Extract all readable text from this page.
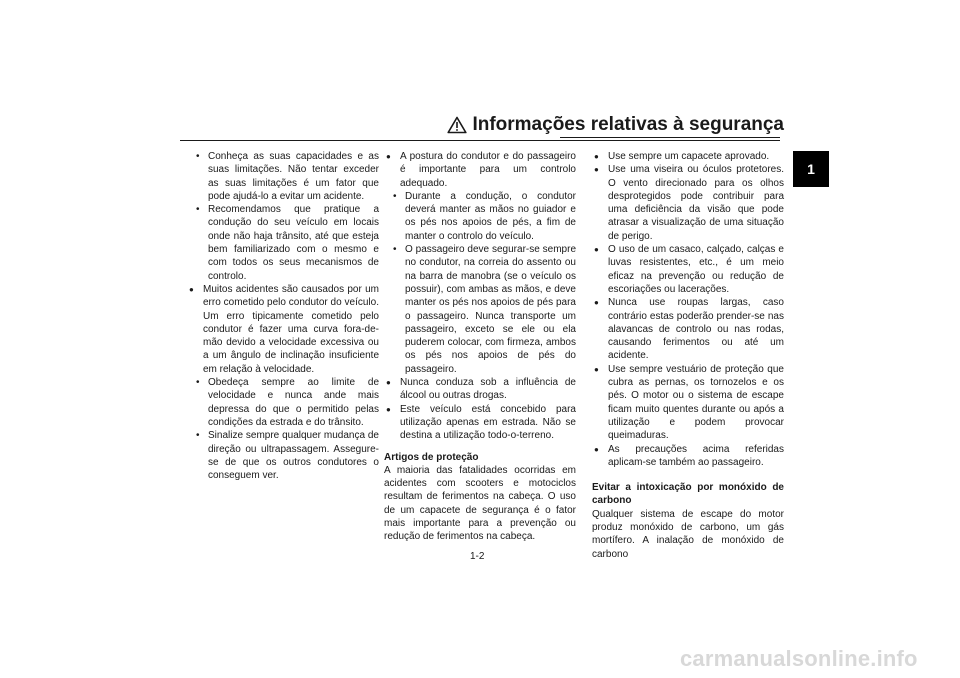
Informações relativas à segurança
1

• Conheça as suas capacidades e as suas limitações. Não tentar exceder as suas limitações é um fator que pode ajudá-lo a evitar um acidente.

• Recomendamos que pratique a condução do seu veículo em locais onde não haja trânsito, até que esteja bem familiarizado com o mesmo e com todos os seus mecanismos de controlo.

● Muitos acidentes são causados por um erro cometido pelo condutor do veículo. Um erro tipicamente cometido pelo condutor é fazer uma curva fora-de-mão devido a velocidade excessiva ou a um ângulo de inclinação insuficiente em relação à velocidade.

• Obedeça sempre ao limite de velocidade e nunca ande mais depressa do que o permitido pelas condições da estrada e do trânsito.

• Sinalize sempre qualquer mudança de direção ou ultrapassagem. Assegure-se de que os outros condutores o conseguem ver.

● A postura do condutor e do passageiro é importante para um controlo adequado.

• Durante a condução, o condutor deverá manter as mãos no guiador e os pés nos apoios de pés, a fim de manter o controlo do veículo.

• O passageiro deve segurar-se sempre no condutor, na correia do assento ou na barra de manobra (se o veículo os possuir), com ambas as mãos, e deve manter os pés nos apoios de pés para o passageiro. Nunca transporte um passageiro, exceto se ele ou ela puderem colocar, com firmeza, ambos os pés nos apoios de pés do passageiro.

● Nunca conduza sob a influência de álcool ou outras drogas.

● Este veículo está concebido para utilização apenas em estrada. Não se destina a utilização todo-o-terreno.

Artigos de proteção

A maioria das fatalidades ocorridas em acidentes com scooters e motociclos resultam de ferimentos na cabeça. O uso de um capacete de segurança é o fator mais importante para a prevenção ou redução de ferimentos na cabeça.

● Use sempre um capacete aprovado.

● Use uma viseira ou óculos protetores. O vento direcionado para os olhos desprotegidos pode contribuir para uma deficiência da visão que pode atrasar a visualização de uma situação de perigo.

● O uso de um casaco, calçado, calças e luvas resistentes, etc., é um meio eficaz na prevenção ou redução de escoriações ou lacerações.

● Nunca use roupas largas, caso contrário estas poderão prender-se nas alavancas de controlo ou nas rodas, causando ferimentos ou até um acidente.

● Use sempre vestuário de proteção que cubra as pernas, os tornozelos e os pés. O motor ou o sistema de escape ficam muito quentes durante ou após a utilização e podem provocar queimaduras.

● As precauções acima referidas aplicam-se também ao passageiro.

Evitar a intoxicação por monóxido de carbono

Qualquer sistema de escape do motor produz monóxido de carbono, um gás mortífero. A inalação de monóxido de carbono

1-2
carmanualsonline.info
